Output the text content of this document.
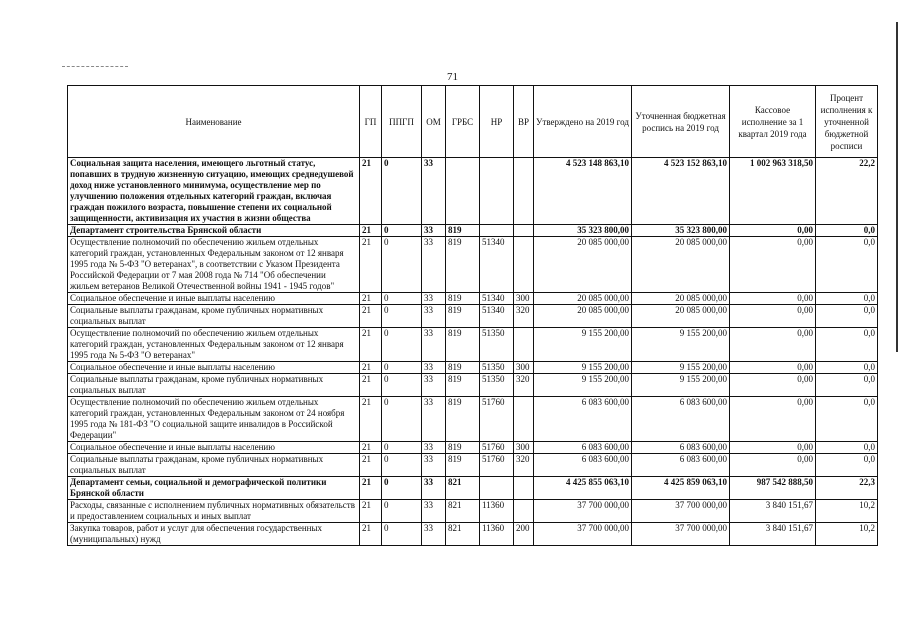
71
Наименование	ГП	ППГП	ОМ	ГРБС	НР	ВР	Утверждено на 2019 год	Уточненная бюджетная роспись на 2019 год	Кассовое исполнение за 1 квартал 2019 года	Процент исполнения к уточненной бюджетной росписи
Социальная защита населения, имеющего льготный статус, попавших в трудную жизненную ситуацию, имеющих среднедушевой доход ниже установленного минимума, осуществление мер по улучшению положения отдельных категорий граждан, включая граждан пожилого возраста, повышение степени их социальной защищенности, активизация их участия в жизни общества	21	0	33				4 523 148 863,10	4 523 152 863,10	1 002 963 318,50	22,2
Департамент строительства Брянской области	21	0	33	819			35 323 800,00	35 323 800,00	0,00	0,0
Осуществление полномочий по обеспечению жильем отдельных категорий граждан, установленных Федеральным законом от 12 января 1995 года № 5-ФЗ "О ветеранах", в соответствии с Указом Президента Российской Федерации от 7 мая 2008 года № 714 "Об обеспечении жильем ветеранов Великой Отечественной войны 1941 - 1945 годов"	21	0	33	819	51340		20 085 000,00	20 085 000,00	0,00	0,0
Социальное обеспечение и иные выплаты населению	21	0	33	819	51340	300	20 085 000,00	20 085 000,00	0,00	0,0
Социальные выплаты гражданам, кроме публичных нормативных социальных выплат	21	0	33	819	51340	320	20 085 000,00	20 085 000,00	0,00	0,0
Осуществление полномочий по обеспечению жильем отдельных категорий граждан, установленных Федеральным законом от 12 января 1995 года № 5-ФЗ "О ветеранах"	21	0	33	819	51350		9 155 200,00	9 155 200,00	0,00	0,0
Социальное обеспечение и иные выплаты населению	21	0	33	819	51350	300	9 155 200,00	9 155 200,00	0,00	0,0
Социальные выплаты гражданам, кроме публичных нормативных социальных выплат	21	0	33	819	51350	320	9 155 200,00	9 155 200,00	0,00	0,0
Осуществление полномочий по обеспечению жильем отдельных категорий граждан, установленных Федеральным законом от 24 ноября 1995 года № 181-ФЗ "О социальной защите инвалидов в Российской Федерации"	21	0	33	819	51760		6 083 600,00	6 083 600,00	0,00	0,0
Социальное обеспечение и иные выплаты населению	21	0	33	819	51760	300	6 083 600,00	6 083 600,00	0,00	0,0
Социальные выплаты гражданам, кроме публичных нормативных социальных выплат	21	0	33	819	51760	320	6 083 600,00	6 083 600,00	0,00	0,0
Департамент семьи, социальной и демографической политики Брянской области	21	0	33	821			4 425 855 063,10	4 425 859 063,10	987 542 888,50	22,3
Расходы, связанные с исполнением публичных нормативных обязательств и предоставлением социальных и иных выплат	21	0	33	821	11360		37 700 000,00	37 700 000,00	3 840 151,67	10,2
Закупка товаров, работ и услуг для обеспечения государственных (муниципальных) нужд	21	0	33	821	11360	200	37 700 000,00	37 700 000,00	3 840 151,67	10,2
